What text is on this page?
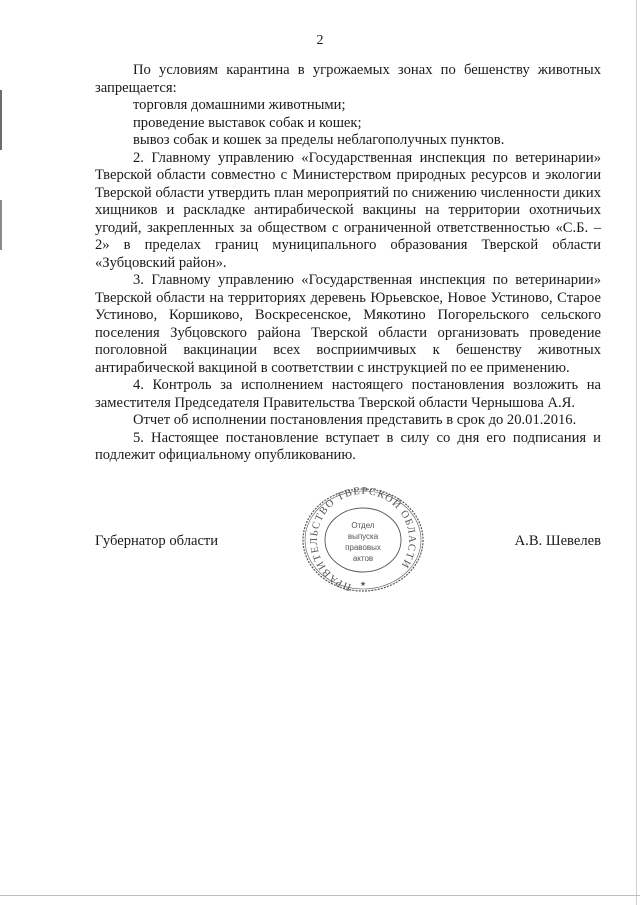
2

По условиям карантина в угрожаемых зонах по бешенству животных запрещается:

торговля домашними животными;

проведение выставок собак и кошек;

вывоз собак и кошек за пределы неблагополучных пунктов.

2. Главному управлению «Государственная инспекция по ветеринарии» Тверской области совместно с Министерством природных ресурсов и экологии Тверской области утвердить план мероприятий по снижению численности диких хищников и раскладке антирабической вакцины на территории охотничьих угодий, закрепленных за обществом с ограниченной ответственностью «С.Б. – 2» в пределах границ муниципального образования Тверской области «Зубцовский район».

3. Главному управлению «Государственная инспекция по ветеринарии» Тверской области на территориях деревень Юрьевское, Новое Устиново, Старое Устиново, Коршиково, Воскресенское, Мякотино Погорельского сельского поселения Зубцовского района Тверской области организовать проведение поголовной вакцинации всех восприимчивых к бешенству животных антирабической вакциной в соответствии с инструкцией по ее применению.

4. Контроль за исполнением настоящего постановления возложить на заместителя Председателя Правительства Тверской области Чернышова А.Я.

Отчет об исполнении постановления представить в срок до 20.01.2016.

5. Настоящее постановление вступает в силу со дня его подписания и подлежит официальному опубликованию.

Губернатор области	А.В. Шевелев
ПРАВИТЕЛЬСТВО ТВЕРСКОЙ ОБЛАСТИ
Отдел
выпуска
правовых
актов
★
